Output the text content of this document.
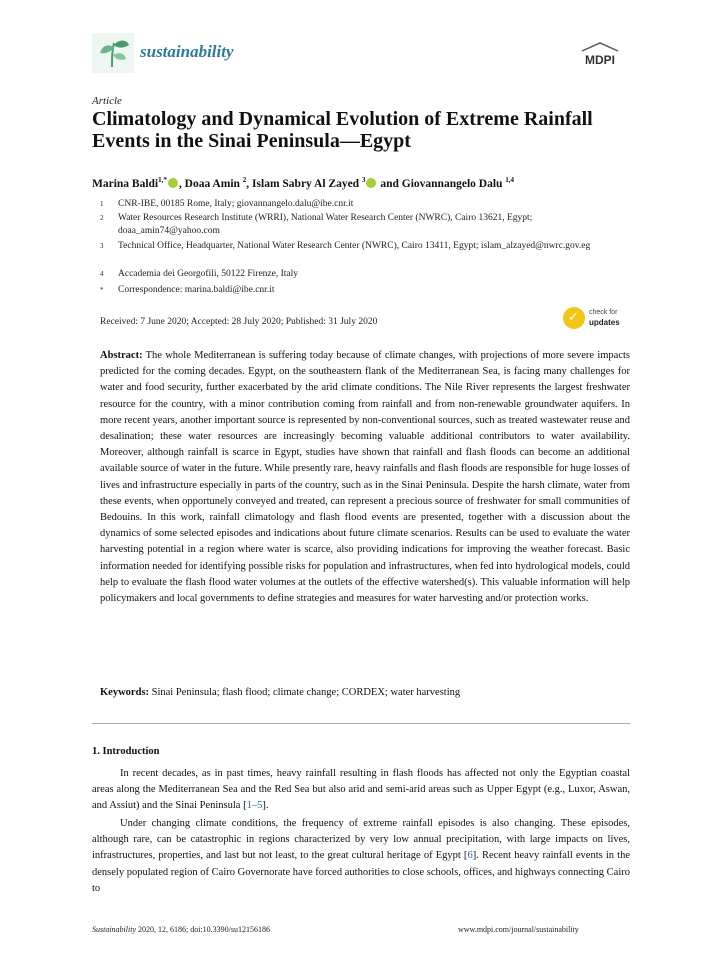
sustainability	MDPI
Article
Climatology and Dynamical Evolution of Extreme Rainfall Events in the Sinai Peninsula—Egypt
Marina Baldi$^{1,*}$ , Doaa Amin $^2$, Islam Sabry Al Zayed $^3$ and Giovannangelo Dalu $^{1,4}$
1 CNR-IBE, 00185 Rome, Italy; giovannangelo.dalu@ibe.cnr.it
2 Water Resources Research Institute (WRRI), National Water Research Center (NWRC), Cairo 13621, Egypt; doaa_amin74@yahoo.com
3 Technical Office, Headquarter, National Water Research Center (NWRC), Cairo 13411, Egypt; islam_alzayed@nwrc.gov.eg
4 Accademia dei Georgofili, 50122 Firenze, Italy
* Correspondence: marina.baldi@ibe.cnr.it
Received: 7 June 2020; Accepted: 28 July 2020; Published: 31 July 2020	✓ check for
updates
Abstract: The whole Mediterranean is suffering today because of climate changes, with projections of more severe impacts predicted for the coming decades. Egypt, on the southeastern flank of the Mediterranean Sea, is facing many challenges for water and food security, further exacerbated by the arid climate conditions. The Nile River represents the largest freshwater resource for the country, with a minor contribution coming from rainfall and from non-renewable groundwater aquifers. In more recent years, another important source is represented by non-conventional sources, such as treated wastewater reuse and desalination; these water resources are increasingly becoming valuable additional contributors to water availability. Moreover, although rainfall is scarce in Egypt, studies have shown that rainfall and flash floods can become an additional available source of water in the future. While presently rare, heavy rainfalls and flash floods are responsible for huge losses of lives and infrastructure especially in parts of the country, such as in the Sinai Peninsula. Despite the harsh climate, water from these events, when opportunely conveyed and treated, can represent a precious source of freshwater for small communities of Bedouins. In this work, rainfall climatology and flash flood events are presented, together with a discussion about the dynamics of some selected episodes and indications about future climate scenarios. Results can be used to evaluate the water harvesting potential in a region where water is scarce, also providing indications for improving the weather forecast. Basic information needed for identifying possible risks for population and infrastructures, when fed into hydrological models, could help to evaluate the flash flood water volumes at the outlets of the effective watershed(s). This valuable information will help policymakers and local governments to define strategies and measures for water harvesting and/or protection works.
Keywords: Sinai Peninsula; flash flood; climate change; CORDEX; water harvesting
1. Introduction
In recent decades, as in past times, heavy rainfall resulting in flash floods has affected not only the Egyptian coastal areas along the Mediterranean Sea and the Red Sea but also arid and semi-arid areas such as Upper Egypt (e.g., Luxor, Aswan, and Assiut) and the Sinai Peninsula [1–5].
Under changing climate conditions, the frequency of extreme rainfall episodes is also changing. These episodes, although rare, can be catastrophic in regions characterized by very low annual precipitation, with large impacts on lives, infrastructures, properties, and last but not least, to the great cultural heritage of Egypt [6]. Recent heavy rainfall events in the densely populated region of Cairo Governorate have forced authorities to close schools, offices, and highways connecting Cairo to
Sustainability 2020, 12, 6186; doi:10.3390/su12156186	www.mdpi.com/journal/sustainability
